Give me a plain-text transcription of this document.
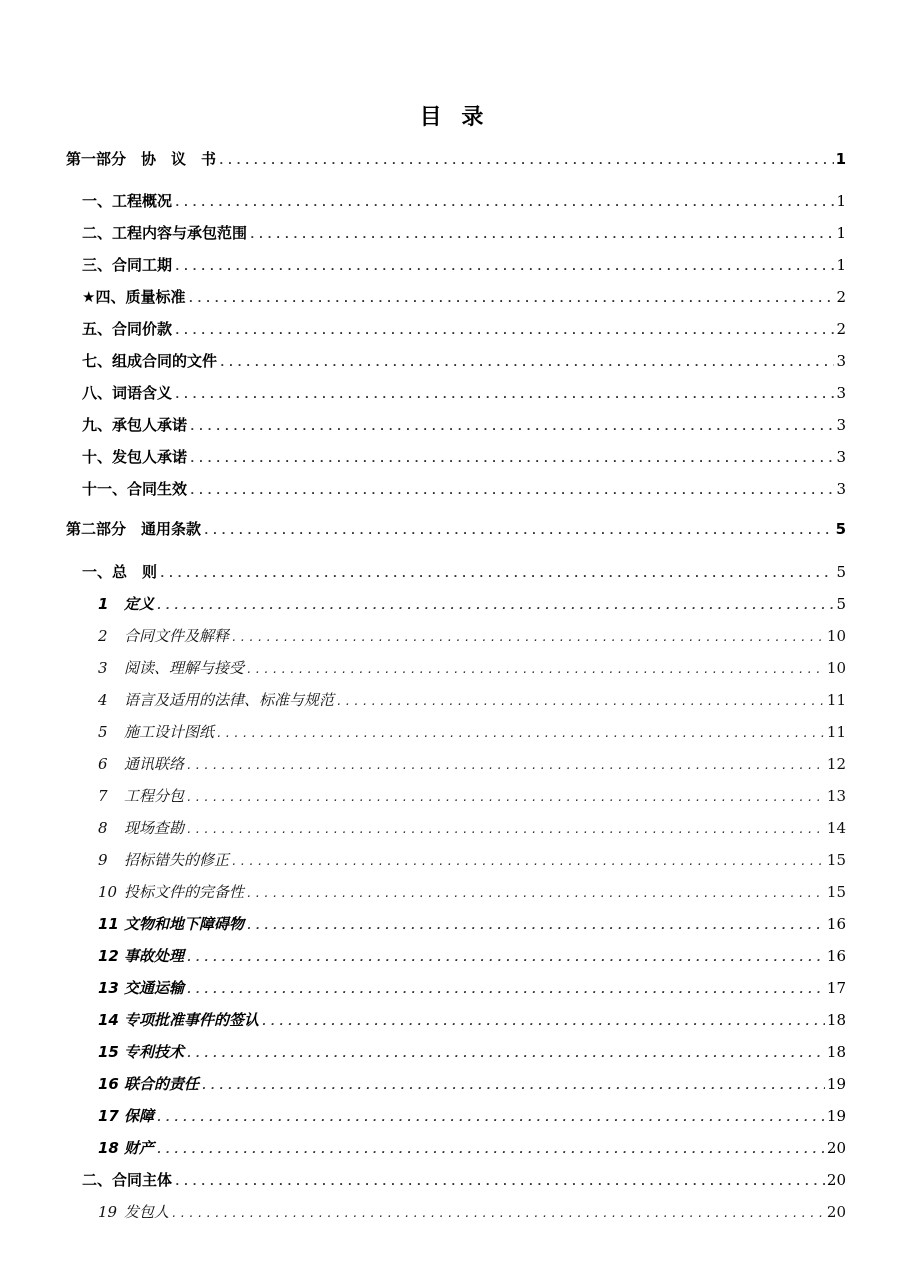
目 录
第一部分　协　议　书 .....	1
一、工程概况 .....	1
二、工程内容与承包范围 .....	1
三、合同工期 .....	1
★四、质量标准 .....	2
五、合同价款 .....	2
七、组成合同的文件 .....	3
八、词语含义 .....	3
九、承包人承诺 .....	3
十、发包人承诺 .....	3
十一、合同生效 .....	3
第二部分　通用条款 .....	5
一、总　则 .....	5
1 定义 .....	5
2 合同文件及解释 .....	10
3 阅读、理解与接受 .....	10
4 语言及适用的法律、标准与规范 .....	11
5 施工设计图纸 .....	11
6 通讯联络 .....	12
7 工程分包 .....	13
8 现场查勘 .....	14
9 招标错失的修正 .....	15
10 投标文件的完备性 .....	15
11 文物和地下障碍物 .....	16
12 事故处理 .....	16
13 交通运输 .....	17
14 专项批准事件的签认 .....	18
15 专利技术 .....	18
16 联合的责任 .....	19
17 保障 .....	19
18 财产 .....	20
二、合同主体 .....	20
19 发包人 .....	20
